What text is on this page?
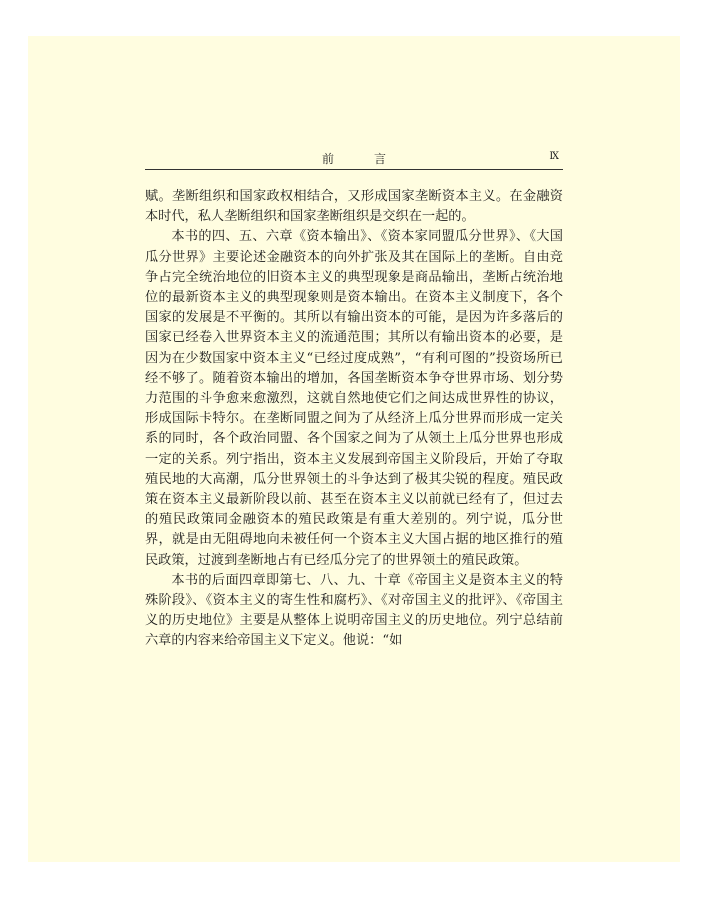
前　言	Ⅸ

赋。垄断组织和国家政权相结合，又形成国家垄断资本主义。在金融资本时代，私人垄断组织和国家垄断组织是交织在一起的。

本书的四、五、六章《资本输出》、《资本家同盟瓜分世界》、《大国瓜分世界》主要论述金融资本的向外扩张及其在国际上的垄断。自由竞争占完全统治地位的旧资本主义的典型现象是商品输出，垄断占统治地位的最新资本主义的典型现象则是资本输出。在资本主义制度下，各个国家的发展是不平衡的。其所以有输出资本的可能，是因为许多落后的国家已经卷入世界资本主义的流通范围；其所以有输出资本的必要，是因为在少数国家中资本主义“已经过度成熟”，“有利可图的”投资场所已经不够了。随着资本输出的增加，各国垄断资本争夺世界市场、划分势力范围的斗争愈来愈激烈，这就自然地使它们之间达成世界性的协议，形成国际卡特尔。在垄断同盟之间为了从经济上瓜分世界而形成一定关系的同时，各个政治同盟、各个国家之间为了从领土上瓜分世界也形成一定的关系。列宁指出，资本主义发展到帝国主义阶段后，开始了夺取殖民地的大高潮，瓜分世界领土的斗争达到了极其尖锐的程度。殖民政策在资本主义最新阶段以前、甚至在资本主义以前就已经有了，但过去的殖民政策同金融资本的殖民政策是有重大差别的。列宁说，瓜分世界，就是由无阻碍地向未被任何一个资本主义大国占据的地区推行的殖民政策，过渡到垄断地占有已经瓜分完了的世界领土的殖民政策。

本书的后面四章即第七、八、九、十章《帝国主义是资本主义的特殊阶段》、《资本主义的寄生性和腐朽》、《对帝国主义的批评》、《帝国主义的历史地位》主要是从整体上说明帝国主义的历史地位。列宁总结前六章的内容来给帝国主义下定义。他说：“如
